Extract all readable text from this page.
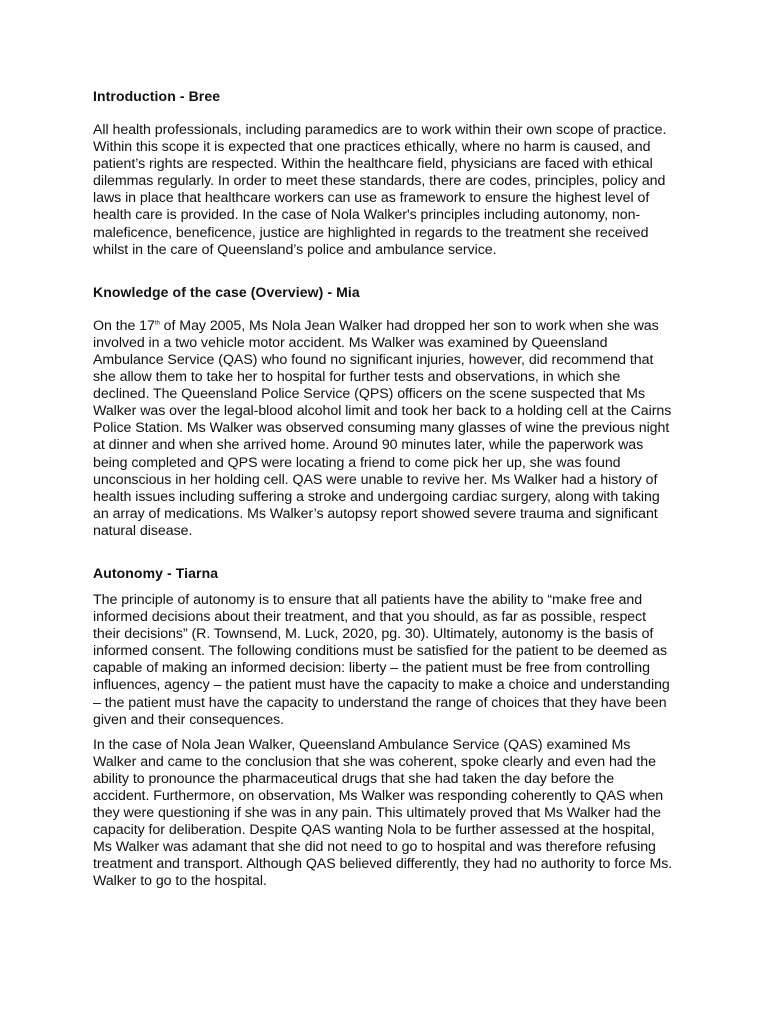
Introduction - Bree

All health professionals, including paramedics are to work within their own scope of practice. Within this scope it is expected that one practices ethically, where no harm is caused, and patient’s rights are respected. Within the healthcare field, physicians are faced with ethical dilemmas regularly. In order to meet these standards, there are codes, principles, policy and laws in place that healthcare workers can use as framework to ensure the highest level of health care is provided. In the case of Nola Walker's principles including autonomy, non-maleficence, beneficence, justice are highlighted in regards to the treatment she received whilst in the care of Queensland’s police and ambulance service.

Knowledge of the case (Overview) - Mia

On the 17th of May 2005, Ms Nola Jean Walker had dropped her son to work when she was involved in a two vehicle motor accident. Ms Walker was examined by Queensland Ambulance Service (QAS) who found no significant injuries, however, did recommend that she allow them to take her to hospital for further tests and observations, in which she declined. The Queensland Police Service (QPS) officers on the scene suspected that Ms Walker was over the legal-blood alcohol limit and took her back to a holding cell at the Cairns Police Station. Ms Walker was observed consuming many glasses of wine the previous night at dinner and when she arrived home. Around 90 minutes later, while the paperwork was being completed and QPS were locating a friend to come pick her up, she was found unconscious in her holding cell. QAS were unable to revive her. Ms Walker had a history of health issues including suffering a stroke and undergoing cardiac surgery, along with taking an array of medications. Ms Walker’s autopsy report showed severe trauma and significant natural disease.

Autonomy - Tiarna

The principle of autonomy is to ensure that all patients have the ability to “make free and informed decisions about their treatment, and that you should, as far as possible, respect their decisions” (R. Townsend, M. Luck, 2020, pg. 30). Ultimately, autonomy is the basis of informed consent. The following conditions must be satisfied for the patient to be deemed as capable of making an informed decision: liberty – the patient must be free from controlling influences, agency – the patient must have the capacity to make a choice and understanding – the patient must have the capacity to understand the range of choices that they have been given and their consequences.

In the case of Nola Jean Walker, Queensland Ambulance Service (QAS) examined Ms Walker and came to the conclusion that she was coherent, spoke clearly and even had the ability to pronounce the pharmaceutical drugs that she had taken the day before the accident. Furthermore, on observation, Ms Walker was responding coherently to QAS when they were questioning if she was in any pain. This ultimately proved that Ms Walker had the capacity for deliberation. Despite QAS wanting Nola to be further assessed at the hospital, Ms Walker was adamant that she did not need to go to hospital and was therefore refusing treatment and transport. Although QAS believed differently, they had no authority to force Ms. Walker to go to the hospital.
